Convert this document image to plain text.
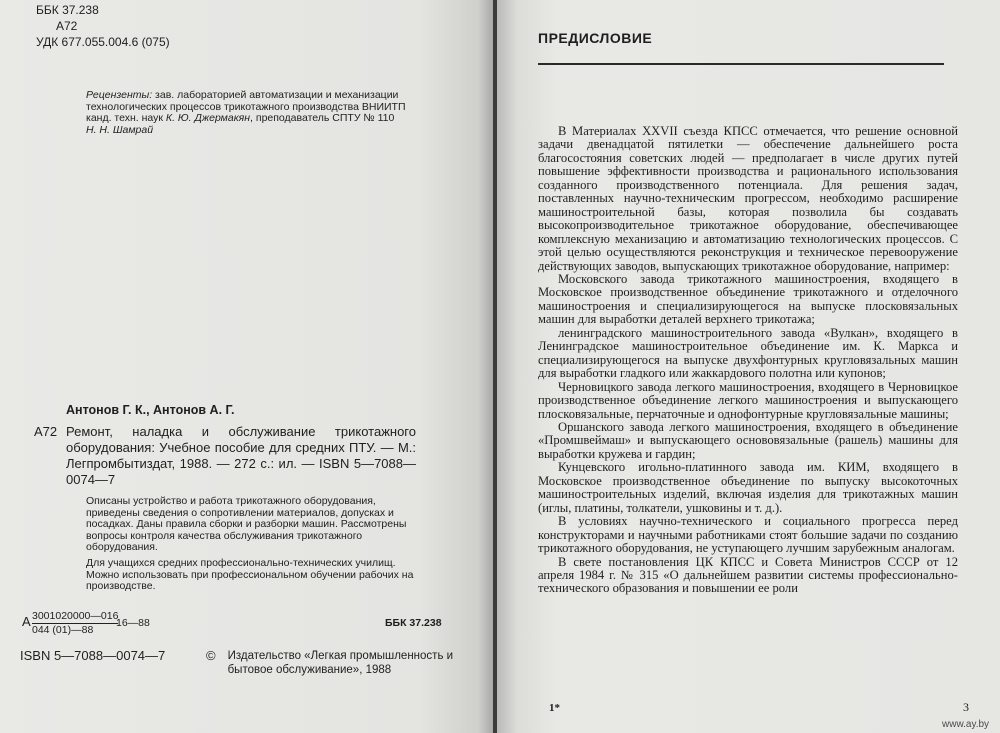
ББК 37.238

А72
УДК 677.055.004.6 (075)
Рецензенты: зав. лабораторией автоматизации и механизации
технологических процессов трикотажного производства ВНИИТП
канд. техн. наук К. Ю. Джермакян, преподаватель СПТУ № 110
Н. Н. Шамрай
Антонов Г. К., Антонов А. Г.
А72 Ремонт, наладка и обслуживание трикотажного оборудования: Учебное пособие для средних ПТУ. — М.: Легпромбытиздат, 1988. — 272 с.: ил. — ISBN 5—7088—0074—7

Описаны устройство и работа трикотажного оборудования, приведены сведения о сопротивлении материалов, допусках и посадках. Даны правила сборки и разборки машин. Рассмотрены вопросы контроля качества обслуживания трикотажного оборудования.

Для учащихся средних профессионально-технических училищ. Можно использовать при профессиональном обучении рабочих на производстве.

А $\frac{3001020000—016}{044 (01)—88}$
16—88	ББК 37.238
ISBN 5—7088—0074—7	© Издательство «Легкая промышленность и бытовое обслуживание», 1988
ПРЕДИСЛОВИЕ

В Материалах XXVII съезда КПСС отмечается, что решение основной задачи двенадцатой пятилетки — обеспечение дальнейшего роста благосостояния советских людей — предполагает в числе других путей повышение эффективности производства и рационального использования созданного производственного потенциала. Для решения задач, поставленных научно-техническим прогрессом, необходимо расширение машиностроительной базы, которая позволила бы создавать высокопроизводительное трикотажное оборудование, обеспечивающее комплексную механизацию и автоматизацию технологических процессов. С этой целью осуществляются реконструкция и техническое перевооружение действующих заводов, выпускающих трикотажное оборудование, например:

Московского завода трикотажного машиностроения, входящего в Московское производственное объединение трикотажного и отделочного машиностроения и специализирующегося на выпуске плосковязальных машин для выработки деталей верхнего трикотажа;

ленинградского машиностроительного завода «Вулкан», входящего в Ленинградское машиностроительное объединение им. К. Маркса и специализирующегося на выпуске двухфонтурных кругловязальных машин для выработки гладкого или жаккардового полотна или купонов;

Черновицкого завода легкого машиностроения, входящего в Черновицкое производственное объединение легкого машиностроения и выпускающего плосковязальные, перчаточные и однофонтурные кругловязальные машины;

Оршанского завода легкого машиностроения, входящего в объединение «Промшвеймаш» и выпускающего основовязальные (рашель) машины для выработки кружева и гардин;

Кунцевского игольно-платинного завода им. КИМ, входящего в Московское производственное объединение по выпуску высокоточных машиностроительных изделий, включая изделия для трикотажных машин (иглы, платины, толкатели, ушковины и т. д.).

В условиях научно-технического и социального прогресса перед конструкторами и научными работниками стоят большие задачи по созданию трикотажного оборудования, не уступающего лучшим зарубежным аналогам.

В свете постановления ЦК КПСС и Совета Министров СССР от 12 апреля 1984 г. № 315 «О дальнейшем развитии системы профессионально-технического образования и повышении ее роли

1*	3
www.ay.by
